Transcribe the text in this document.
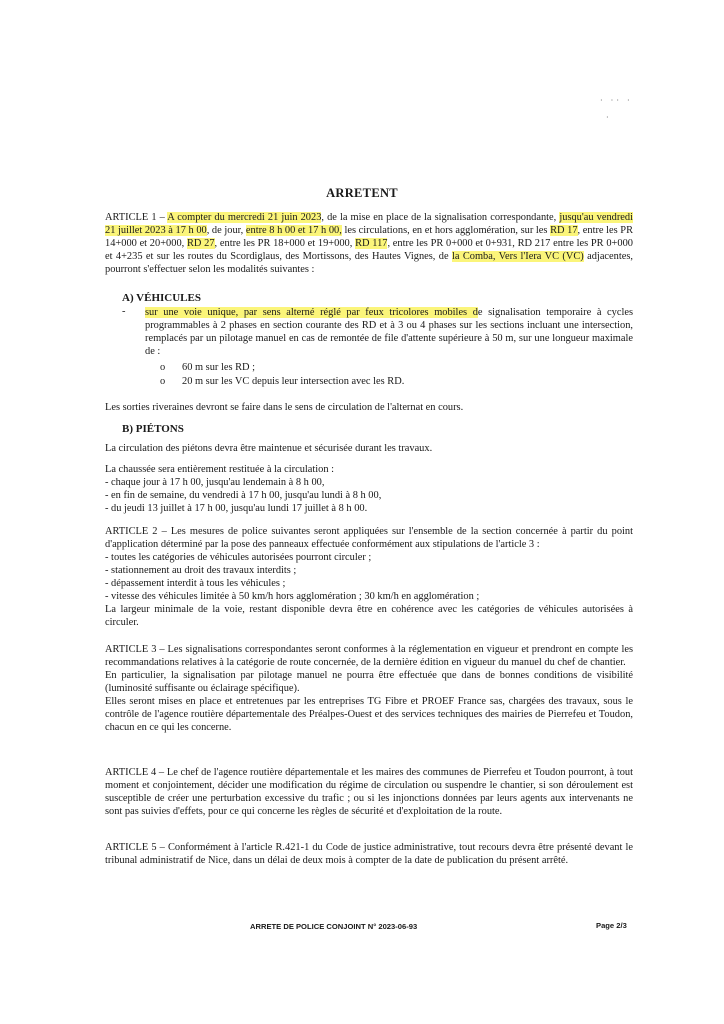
· ·· ·
·
ARRETENT
ARTICLE 1 – A compter du mercredi 21 juin 2023, de la mise en place de la signalisation correspondante, jusqu'au vendredi 21 juillet 2023 à 17 h 00, de jour, entre 8 h 00 et 17 h 00, les circulations, en et hors agglomération, sur les RD 17, entre les PR 14+000 et 20+000, RD 27, entre les PR 18+000 et 19+000, RD 117, entre les PR 0+000 et 0+931, RD 217 entre les PR 0+000 et 4+235 et sur les routes du Scordiglaus, des Mortissons, des Hautes Vignes, de la Comba, Vers l'Iera VC (VC) adjacentes, pourront s'effectuer selon les modalités suivantes :
A) VÉHICULES
- sur une voie unique, par sens alterné réglé par feux tricolores mobiles de signalisation temporaire à cycles programmables à 2 phases en section courante des RD et à 3 ou 4 phases sur les sections incluant une intersection, remplacés par un pilotage manuel en cas de remontée de file d'attente supérieure à 50 m, sur une longueur maximale de :
o 60 m sur les RD ;
o 20 m sur les VC depuis leur intersection avec les RD.
Les sorties riveraines devront se faire dans le sens de circulation de l'alternat en cours.
B) PIÉTONS
La circulation des piétons devra être maintenue et sécurisée durant les travaux.

La chaussée sera entièrement restituée à la circulation :

- chaque jour à 17 h 00, jusqu'au lendemain à 8 h 00,

- en fin de semaine, du vendredi à 17 h 00, jusqu'au lundi à 8 h 00,

- du jeudi 13 juillet à 17 h 00, jusqu'au lundi 17 juillet à 8 h 00.

ARTICLE 2 – Les mesures de police suivantes seront appliquées sur l'ensemble de la section concernée à partir du point d'application déterminé par la pose des panneaux effectuée conformément aux stipulations de l'article 3 :

- toutes les catégories de véhicules autorisées pourront circuler ;

- stationnement au droit des travaux interdits ;

- dépassement interdit à tous les véhicules ;

- vitesse des véhicules limitée à 50 km/h hors agglomération ; 30 km/h en agglomération ;

La largeur minimale de la voie, restant disponible devra être en cohérence avec les catégories de véhicules autorisées à circuler.

ARTICLE 3 – Les signalisations correspondantes seront conformes à la réglementation en vigueur et prendront en compte les recommandations relatives à la catégorie de route concernée, de la dernière édition en vigueur du manuel du chef de chantier.

En particulier, la signalisation par pilotage manuel ne pourra être effectuée que dans de bonnes conditions de visibilité (luminosité suffisante ou éclairage spécifique).

Elles seront mises en place et entretenues par les entreprises TG Fibre et PROEF France sas, chargées des travaux, sous le contrôle de l'agence routière départementale des Préalpes-Ouest et des services techniques des mairies de Pierrefeu et Toudon, chacun en ce qui les concerne.

ARTICLE 4 – Le chef de l'agence routière départementale et les maires des communes de Pierrefeu et Toudon pourront, à tout moment et conjointement, décider une modification du régime de circulation ou suspendre le chantier, si son déroulement est susceptible de créer une perturbation excessive du trafic ; ou si les injonctions données par leurs agents aux intervenants ne sont pas suivies d'effets, pour ce qui concerne les règles de sécurité et d'exploitation de la route.
ARTICLE 5 – Conformément à l'article R.421-1 du Code de justice administrative, tout recours devra être présenté devant le tribunal administratif de Nice, dans un délai de deux mois à compter de la date de publication du présent arrêté.
ARRETE DE POLICE CONJOINT N° 2023-06-93	Page 2/3
